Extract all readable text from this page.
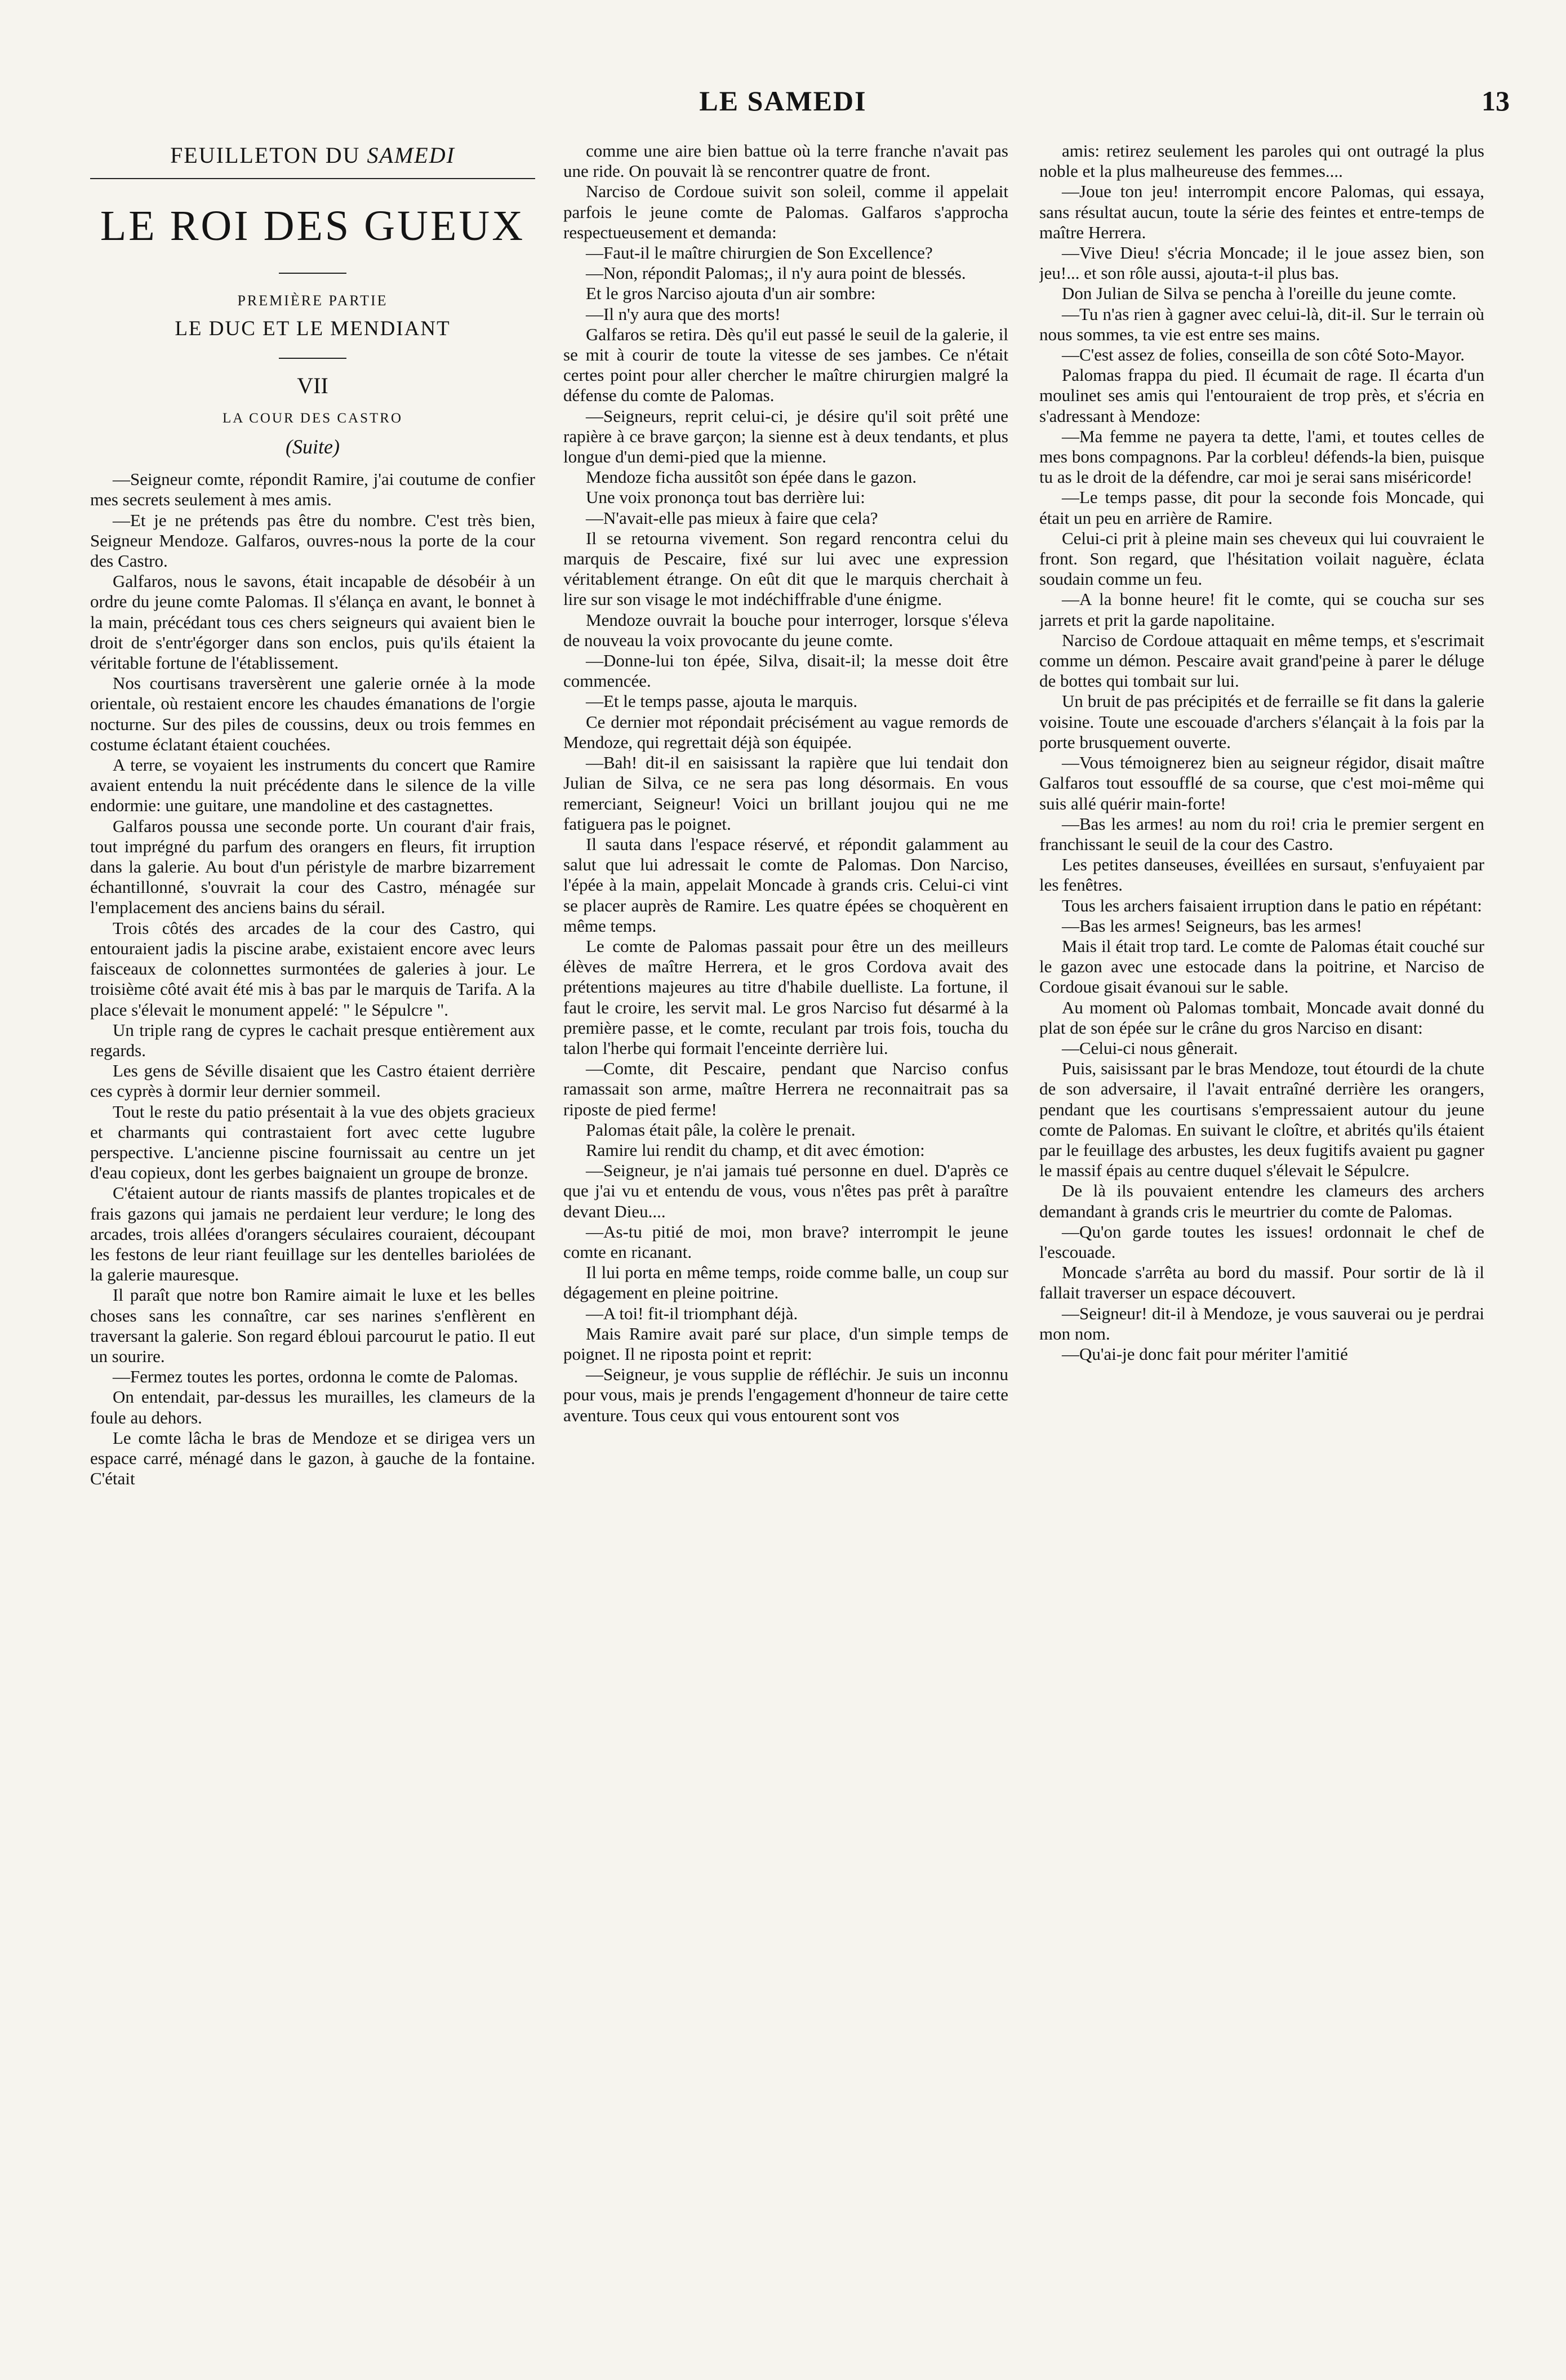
LE SAMEDI	13
FEUILLETON DU SAMEDI
LE ROI DES GUEUX
PREMIÈRE PARTIE
LE DUC ET LE MENDIANT
VII
LA COUR DES CASTRO
(Suite)

—Seigneur comte, répondit Ramire, j'ai coutume de confier mes secrets seulement à mes amis.

—Et je ne prétends pas être du nombre. C'est très bien, Seigneur Mendoze. Galfaros, ouvres-nous la porte de la cour des Castro.

Galfaros, nous le savons, était incapable de désobéir à un ordre du jeune comte Palomas. Il s'élança en avant, le bonnet à la main, précédant tous ces chers seigneurs qui avaient bien le droit de s'entr'égorger dans son enclos, puis qu'ils étaient la véritable fortune de l'établissement.

Nos courtisans traversèrent une galerie ornée à la mode orientale, où restaient encore les chaudes émanations de l'orgie nocturne. Sur des piles de coussins, deux ou trois femmes en costume éclatant étaient couchées.

A terre, se voyaient les instruments du concert que Ramire avaient entendu la nuit précédente dans le silence de la ville endormie: une guitare, une mandoline et des castagnettes.

Galfaros poussa une seconde porte. Un courant d'air frais, tout imprégné du parfum des orangers en fleurs, fit irruption dans la galerie. Au bout d'un péristyle de marbre bizarrement échantillonné, s'ouvrait la cour des Castro, ménagée sur l'emplacement des anciens bains du sérail.

Trois côtés des arcades de la cour des Castro, qui entouraient jadis la piscine arabe, existaient encore avec leurs faisceaux de colonnettes surmontées de galeries à jour. Le troisième côté avait été mis à bas par le marquis de Tarifa. A la place s'élevait le monument appelé: " le Sépulcre ".

Un triple rang de cypres le cachait presque entièrement aux regards.

Les gens de Séville disaient que les Castro étaient derrière ces cyprès à dormir leur dernier sommeil.

Tout le reste du patio présentait à la vue des objets gracieux et charmants qui contrastaient fort avec cette lugubre perspective. L'ancienne piscine fournissait au centre un jet d'eau copieux, dont les gerbes baignaient un groupe de bronze.

C'étaient autour de riants massifs de plantes tropicales et de frais gazons qui jamais ne perdaient leur verdure; le long des arcades, trois allées d'orangers séculaires couraient, découpant les festons de leur riant feuillage sur les dentelles bariolées de la galerie mauresque.

Il paraît que notre bon Ramire aimait le luxe et les belles choses sans les connaître, car ses narines s'enflèrent en traversant la galerie. Son regard ébloui parcourut le patio. Il eut un sourire.

—Fermez toutes les portes, ordonna le comte de Palomas.

On entendait, par-dessus les murailles, les clameurs de la foule au dehors.

Le comte lâcha le bras de Mendoze et se dirigea vers un espace carré, ménagé dans le gazon, à gauche de la fontaine. C'était

comme une aire bien battue où la terre franche n'avait pas une ride. On pouvait là se rencontrer quatre de front.

Narciso de Cordoue suivit son soleil, comme il appelait parfois le jeune comte de Palomas. Galfaros s'approcha respectueusement et demanda:

—Faut-il le maître chirurgien de Son Excellence?

—Non, répondit Palomas;, il n'y aura point de blessés.

Et le gros Narciso ajouta d'un air sombre:

—Il n'y aura que des morts!

Galfaros se retira. Dès qu'il eut passé le seuil de la galerie, il se mit à courir de toute la vitesse de ses jambes. Ce n'était certes point pour aller chercher le maître chirurgien malgré la défense du comte de Palomas.

—Seigneurs, reprit celui-ci, je désire qu'il soit prêté une rapière à ce brave garçon; la sienne est à deux tendants, et plus longue d'un demi-pied que la mienne.

Mendoze ficha aussitôt son épée dans le gazon.

Une voix prononça tout bas derrière lui:

—N'avait-elle pas mieux à faire que cela?

Il se retourna vivement. Son regard rencontra celui du marquis de Pescaire, fixé sur lui avec une expression véritablement étrange. On eût dit que le marquis cherchait à lire sur son visage le mot indéchiffrable d'une énigme.

Mendoze ouvrait la bouche pour interroger, lorsque s'éleva de nouveau la voix provocante du jeune comte.

—Donne-lui ton épée, Silva, disait-il; la messe doit être commencée.

—Et le temps passe, ajouta le marquis.

Ce dernier mot répondait précisément au vague remords de Mendoze, qui regrettait déjà son équipée.

—Bah! dit-il en saisissant la rapière que lui tendait don Julian de Silva, ce ne sera pas long désormais. En vous remerciant, Seigneur! Voici un brillant joujou qui ne me fatiguera pas le poignet.

Il sauta dans l'espace réservé, et répondit galamment au salut que lui adressait le comte de Palomas. Don Narciso, l'épée à la main, appelait Moncade à grands cris. Celui-ci vint se placer auprès de Ramire. Les quatre épées se choquèrent en même temps.

Le comte de Palomas passait pour être un des meilleurs élèves de maître Herrera, et le gros Cordova avait des prétentions majeures au titre d'habile duelliste. La fortune, il faut le croire, les servit mal. Le gros Narciso fut désarmé à la première passe, et le comte, reculant par trois fois, toucha du talon l'herbe qui formait l'enceinte derrière lui.

—Comte, dit Pescaire, pendant que Narciso confus ramassait son arme, maître Herrera ne reconnaitrait pas sa riposte de pied ferme!

Palomas était pâle, la colère le prenait.

Ramire lui rendit du champ, et dit avec émotion:

—Seigneur, je n'ai jamais tué personne en duel. D'après ce que j'ai vu et entendu de vous, vous n'êtes pas prêt à paraître devant Dieu....

—As-tu pitié de moi, mon brave? interrompit le jeune comte en ricanant.

Il lui porta en même temps, roide comme balle, un coup sur dégagement en pleine poitrine.

—A toi! fit-il triomphant déjà.

Mais Ramire avait paré sur place, d'un simple temps de poignet. Il ne riposta point et reprit:

—Seigneur, je vous supplie de réfléchir. Je suis un inconnu pour vous, mais je prends l'engagement d'honneur de taire cette aventure. Tous ceux qui vous entourent sont vos

amis: retirez seulement les paroles qui ont outragé la plus noble et la plus malheureuse des femmes....

—Joue ton jeu! interrompit encore Palomas, qui essaya, sans résultat aucun, toute la série des feintes et entre-temps de maître Herrera.

—Vive Dieu! s'écria Moncade; il le joue assez bien, son jeu!... et son rôle aussi, ajouta-t-il plus bas.

Don Julian de Silva se pencha à l'oreille du jeune comte.

—Tu n'as rien à gagner avec celui-là, dit-il. Sur le terrain où nous sommes, ta vie est entre ses mains.

—C'est assez de folies, conseilla de son côté Soto-Mayor.

Palomas frappa du pied. Il écumait de rage. Il écarta d'un moulinet ses amis qui l'entouraient de trop près, et s'écria en s'adressant à Mendoze:

—Ma femme ne payera ta dette, l'ami, et toutes celles de mes bons compagnons. Par la corbleu! défends-la bien, puisque tu as le droit de la défendre, car moi je serai sans miséricorde!

—Le temps passe, dit pour la seconde fois Moncade, qui était un peu en arrière de Ramire.

Celui-ci prit à pleine main ses cheveux qui lui couvraient le front. Son regard, que l'hésitation voilait naguère, éclata soudain comme un feu.

—A la bonne heure! fit le comte, qui se coucha sur ses jarrets et prit la garde napolitaine.

Narciso de Cordoue attaquait en même temps, et s'escrimait comme un démon. Pescaire avait grand'peine à parer le déluge de bottes qui tombait sur lui.

Un bruit de pas précipités et de ferraille se fit dans la galerie voisine. Toute une escouade d'archers s'élançait à la fois par la porte brusquement ouverte.

—Vous témoignerez bien au seigneur régidor, disait maître Galfaros tout essoufflé de sa course, que c'est moi-même qui suis allé quérir main-forte!

—Bas les armes! au nom du roi! cria le premier sergent en franchissant le seuil de la cour des Castro.

Les petites danseuses, éveillées en sursaut, s'enfuyaient par les fenêtres.

Tous les archers faisaient irruption dans le patio en répétant:

—Bas les armes! Seigneurs, bas les armes!

Mais il était trop tard. Le comte de Palomas était couché sur le gazon avec une estocade dans la poitrine, et Narciso de Cordoue gisait évanoui sur le sable.

Au moment où Palomas tombait, Moncade avait donné du plat de son épée sur le crâne du gros Narciso en disant:

—Celui-ci nous gênerait.

Puis, saisissant par le bras Mendoze, tout étourdi de la chute de son adversaire, il l'avait entraîné derrière les orangers, pendant que les courtisans s'empressaient autour du jeune comte de Palomas. En suivant le cloître, et abrités qu'ils étaient par le feuillage des arbustes, les deux fugitifs avaient pu gagner le massif épais au centre duquel s'élevait le Sépulcre.

De là ils pouvaient entendre les clameurs des archers demandant à grands cris le meurtrier du comte de Palomas.

—Qu'on garde toutes les issues! ordonnait le chef de l'escouade.

Moncade s'arrêta au bord du massif. Pour sortir de là il fallait traverser un espace découvert.

—Seigneur! dit-il à Mendoze, je vous sauverai ou je perdrai mon nom.

—Qu'ai-je donc fait pour mériter l'amitié
